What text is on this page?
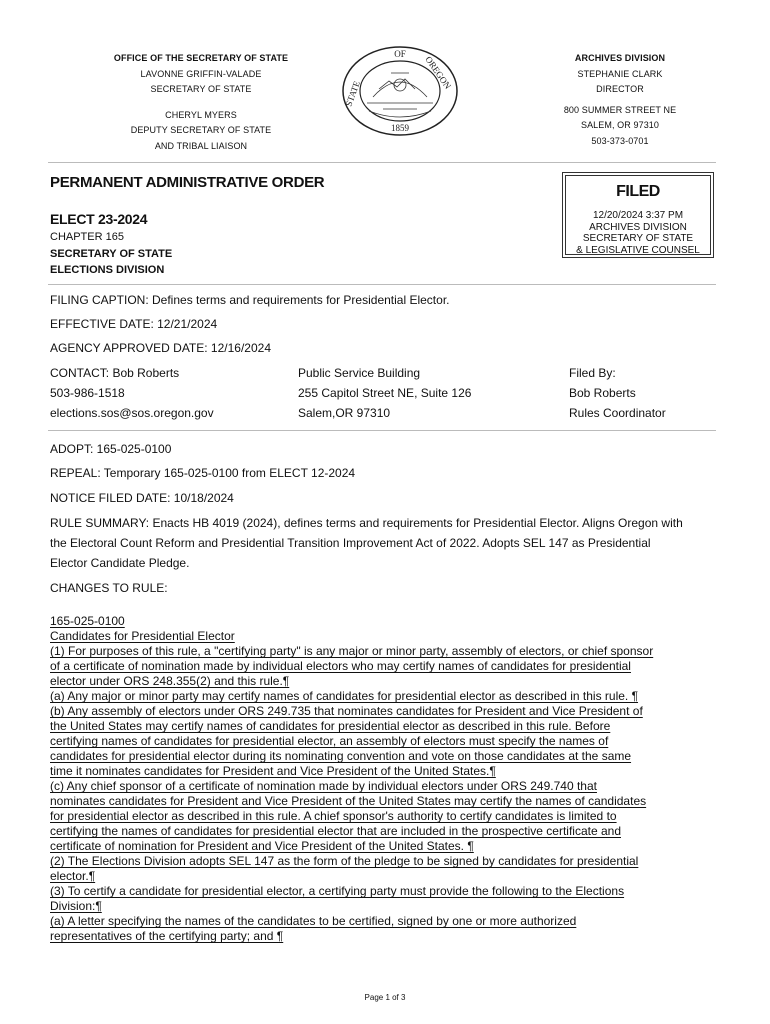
OFFICE OF THE SECRETARY OF STATE
LAVONNE GRIFFIN-VALADE
SECRETARY OF STATE
CHERYL MYERS
DEPUTY SECRETARY OF STATE
AND TRIBAL LIAISON
OF
STATE
OREGON
1859
ARCHIVES DIVISION
STEPHANIE CLARK
DIRECTOR
800 SUMMER STREET NE
SALEM, OR 97310
503-373-0701
PERMANENT ADMINISTRATIVE ORDER
ELECT 23-2024
CHAPTER 165
SECRETARY OF STATE
ELECTIONS DIVISION
FILED
12/20/2024 3:37 PM
ARCHIVES DIVISION
SECRETARY OF STATE
& LEGISLATIVE COUNSEL
FILING CAPTION: Defines terms and requirements for Presidential Elector.
EFFECTIVE DATE: 12/21/2024
AGENCY APPROVED DATE: 12/16/2024
CONTACT: Bob Roberts
503-986-1518
elections.sos@sos.oregon.gov
Public Service Building
255 Capitol Street NE, Suite 126
Salem,OR 97310
Filed By:
Bob Roberts
Rules Coordinator
ADOPT: 165-025-0100
REPEAL: Temporary 165-025-0100 from ELECT 12-2024
NOTICE FILED DATE: 10/18/2024
RULE SUMMARY: Enacts HB 4019 (2024), defines terms and requirements for Presidential Elector. Aligns Oregon with
the Electoral Count Reform and Presidential Transition Improvement Act of 2022. Adopts SEL 147 as Presidential
Elector Candidate Pledge.
CHANGES TO RULE:
165-025-0100
Candidates for Presidential Elector
(1) For purposes of this rule, a "certifying party" is any major or minor party, assembly of electors, or chief sponsor
of a certificate of nomination made by individual electors who may certify names of candidates for presidential
elector under ORS 248.355(2) and this rule.¶
(a) Any major or minor party may certify names of candidates for presidential elector as described in this rule. ¶
(b) Any assembly of electors under ORS 249.735 that nominates candidates for President and Vice President of
the United States may certify names of candidates for presidential elector as described in this rule. Before
certifying names of candidates for presidential elector, an assembly of electors must specify the names of
candidates for presidential elector during its nominating convention and vote on those candidates at the same
time it nominates candidates for President and Vice President of the United States.¶
(c) Any chief sponsor of a certificate of nomination made by individual electors under ORS 249.740 that
nominates candidates for President and Vice President of the United States may certify the names of candidates
for presidential elector as described in this rule. A chief sponsor's authority to certify candidates is limited to
certifying the names of candidates for presidential elector that are included in the prospective certificate and
certificate of nomination for President and Vice President of the United States. ¶
(2) The Elections Division adopts SEL 147 as the form of the pledge to be signed by candidates for presidential
elector.¶
(3) To certify a candidate for presidential elector, a certifying party must provide the following to the Elections
Division:¶
(a) A letter specifying the names of the candidates to be certified, signed by one or more authorized
representatives of the certifying party; and ¶
Page 1 of 3
